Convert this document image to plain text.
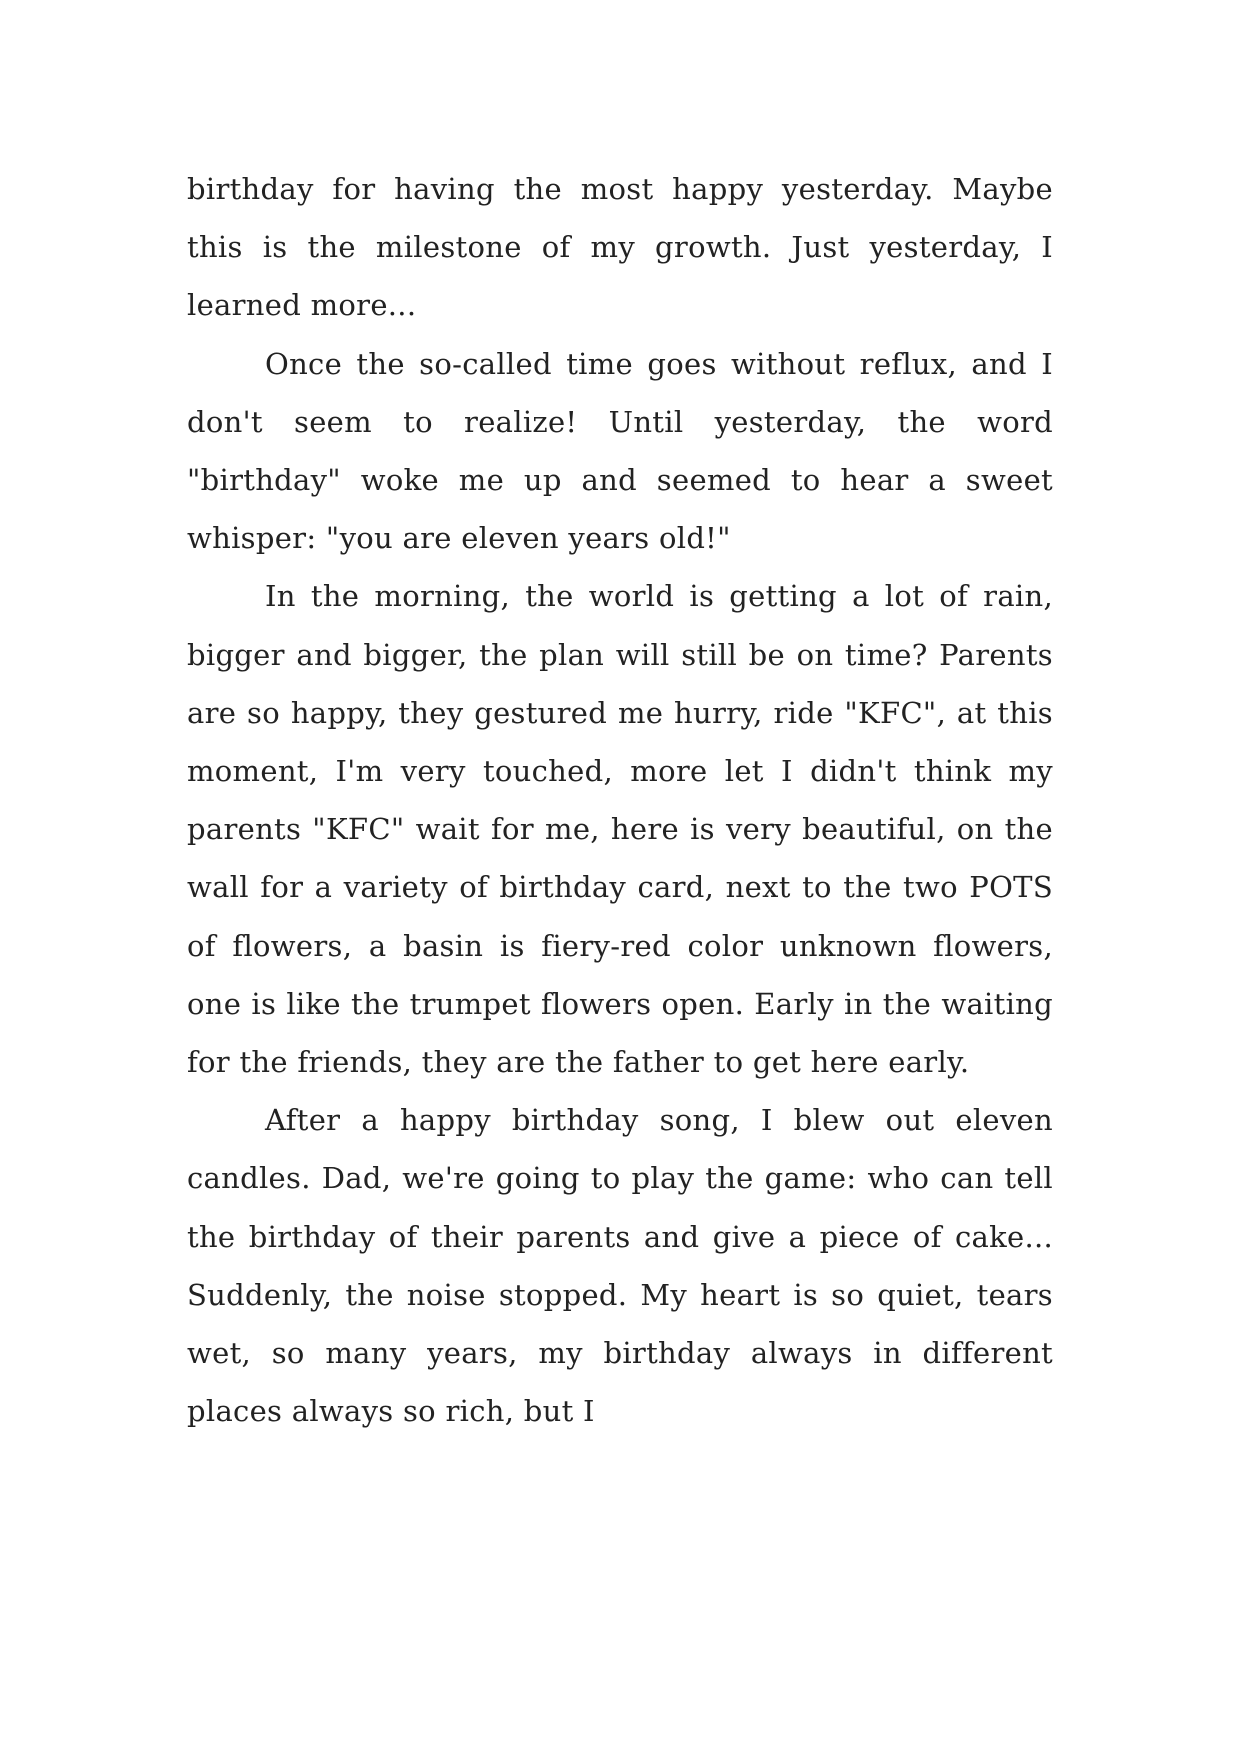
birthday for having the most happy yesterday. Maybe this is the milestone of my growth. Just yesterday, I learned more...

Once the so-called time goes without reflux, and I don't seem to realize! Until yesterday, the word "birthday" woke me up and seemed to hear a sweet whisper: "you are eleven years old!"

In the morning, the world is getting a lot of rain, bigger and bigger, the plan will still be on time? Parents are so happy, they gestured me hurry, ride "KFC", at this moment, I'm very touched, more let I didn't think my parents "KFC" wait for me, here is very beautiful, on the wall for a variety of birthday card, next to the two POTS of flowers, a basin is fiery-red color unknown flowers, one is like the trumpet flowers open. Early in the waiting for the friends, they are the father to get here early.

After a happy birthday song, I blew out eleven candles. Dad, we're going to play the game: who can tell the birthday of their parents and give a piece of cake... Suddenly, the noise stopped. My heart is so quiet, tears wet, so many years, my birthday always in different places always so rich, but I
